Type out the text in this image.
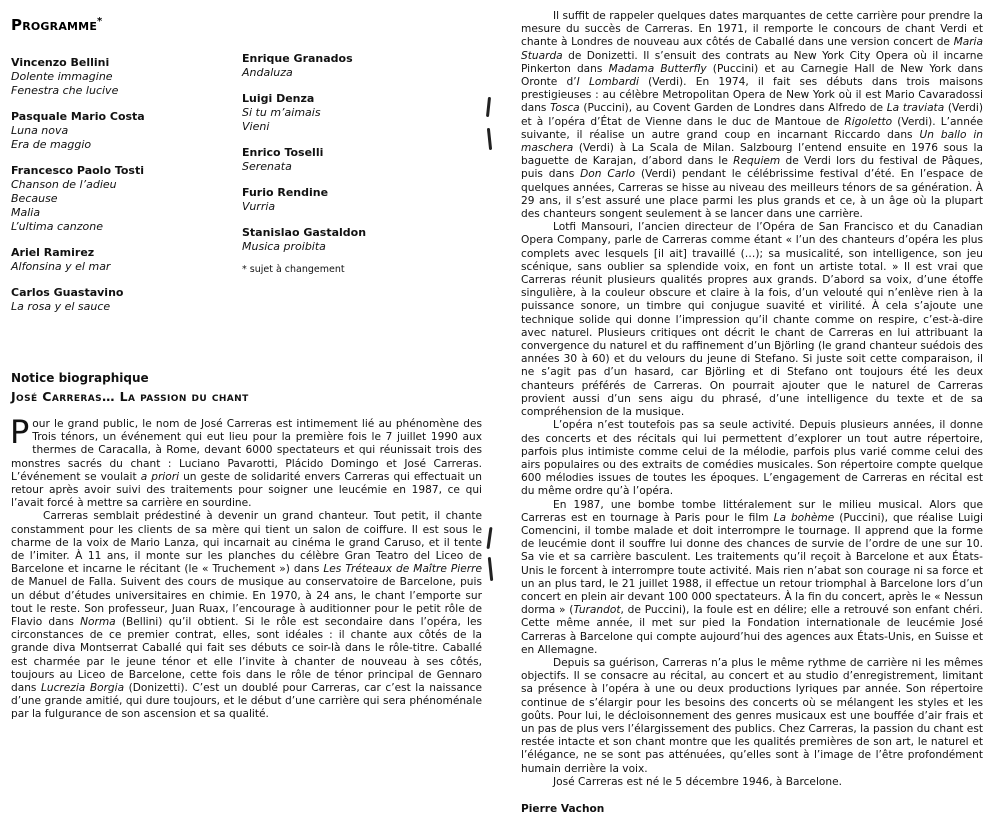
Programme*
Vincenzo Bellini
Dolente immagine
Fenestra che lucive
Pasquale Mario Costa
Luna nova
Era de maggio
Francesco Paolo Tosti
Chanson de l’adieu
Because
Malia
L’ultima canzone
Ariel Ramirez
Alfonsina y el mar
Carlos Guastavino
La rosa y el sauce
Enrique Granados
Andaluza
Luigi Denza
Si tu m’aimais
Vieni
Enrico Toselli
Serenata
Furio Rendine
Vurria
Stanislao Gastaldon
Musica proibita
* sujet à changement
Notice biographique
José Carreras… La passion du chant

Pour le grand public, le nom de José Carreras est intimement lié au phénomène des Trois ténors, un événement qui eut lieu pour la première fois le 7 juillet 1990 aux thermes de Caracalla, à Rome, devant 6000 spectateurs et qui réunissait trois des monstres sacrés du chant : Luciano Pavarotti, Plácido Domingo et José Carreras. L’événement se voulait a priori un geste de solidarité envers Carreras qui effectuait un retour après avoir suivi des traitements pour soigner une leucémie en 1987, ce qui l’avait forcé à mettre sa carrière en sourdine.

Carreras semblait prédestiné à devenir un grand chanteur. Tout petit, il chante constamment pour les clients de sa mère qui tient un salon de coiffure. Il est sous le charme de la voix de Mario Lanza, qui incarnait au cinéma le grand Caruso, et il tente de l’imiter. À 11 ans, il monte sur les planches du célèbre Gran Teatro del Liceo de Barcelone et incarne le récitant (le « Truchement ») dans Les Tréteaux de Maître Pierre de Manuel de Falla. Suivent des cours de musique au conservatoire de Barcelone, puis un début d’études universitaires en chimie. En 1970, à 24 ans, le chant l’emporte sur tout le reste. Son professeur, Juan Ruax, l’encourage à auditionner pour le petit rôle de Flavio dans Norma (Bellini) qu’il obtient. Si le rôle est secondaire dans l’opéra, les circonstances de ce premier contrat, elles, sont idéales : il chante aux côtés de la grande diva Montserrat Caballé qui fait ses débuts ce soir-là dans le rôle-titre. Caballé est charmée par le jeune ténor et elle l’invite à chanter de nouveau à ses côtés, toujours au Liceo de Barcelone, cette fois dans le rôle de ténor principal de Gennaro dans Lucrezia Borgia (Donizetti). C’est un doublé pour Carreras, car c’est la naissance d’une grande amitié, qui dure toujours, et le début d’une carrière qui sera phénoménale par la fulgurance de son ascension et sa qualité.

Il suffit de rappeler quelques dates marquantes de cette carrière pour prendre la mesure du succès de Carreras. En 1971, il remporte le concours de chant Verdi et chante à Londres de nouveau aux côtés de Caballé dans une version concert de Maria Stuarda de Donizetti. Il s’ensuit des contrats au New York City Opera où il incarne Pinkerton dans Madama Butterfly (Puccini) et au Carnegie Hall de New York dans Oronte d’I Lombardi (Verdi). En 1974, il fait ses débuts dans trois maisons prestigieuses : au célèbre Metropolitan Opera de New York où il est Mario Cavaradossi dans Tosca (Puccini), au Covent Garden de Londres dans Alfredo de La traviata (Verdi) et à l’opéra d’État de Vienne dans le duc de Mantoue de Rigoletto (Verdi). L’année suivante, il réalise un autre grand coup en incarnant Riccardo dans Un ballo in maschera (Verdi) à La Scala de Milan. Salzbourg l’entend ensuite en 1976 sous la baguette de Karajan, d’abord dans le Requiem de Verdi lors du festival de Pâques, puis dans Don Carlo (Verdi) pendant le célébrissime festival d’été. En l’espace de quelques années, Carreras se hisse au niveau des meilleurs ténors de sa génération. À 29 ans, il s’est assuré une place parmi les plus grands et ce, à un âge où la plupart des chanteurs songent seulement à se lancer dans une carrière.

Lotfi Mansouri, l’ancien directeur de l’Opéra de San Francisco et du Canadian Opera Company, parle de Carreras comme étant « l’un des chanteurs d’opéra les plus complets avec lesquels [il ait] travaillé (…); sa musicalité, son intelligence, son jeu scénique, sans oublier sa splendide voix, en font un artiste total. » Il est vrai que Carreras réunit plusieurs qualités propres aux grands. D’abord sa voix, d’une étoffe singulière, à la couleur obscure et claire à la fois, d’un velouté qui n’enlève rien à la puissance sonore, un timbre qui conjugue suavité et virilité. À cela s’ajoute une technique solide qui donne l’impression qu’il chante comme on respire, c’est-à-dire avec naturel. Plusieurs critiques ont décrit le chant de Carreras en lui attribuant la convergence du naturel et du raffinement d’un Björling (le grand chanteur suédois des années 30 à 60) et du velours du jeune di Stefano. Si juste soit cette comparaison, il ne s’agit pas d’un hasard, car Björling et di Stefano ont toujours été les deux chanteurs préférés de Carreras. On pourrait ajouter que le naturel de Carreras provient aussi d’un sens aigu du phrasé, d’une intelligence du texte et de sa compréhension de la musique.

L’opéra n’est toutefois pas sa seule activité. Depuis plusieurs années, il donne des concerts et des récitals qui lui permettent d’explorer un tout autre répertoire, parfois plus intimiste comme celui de la mélodie, parfois plus varié comme celui des airs populaires ou des extraits de comédies musicales. Son répertoire compte quelque 600 mélodies issues de toutes les époques. L’engagement de Carreras en récital est du même ordre qu’à l’opéra.

En 1987, une bombe tombe littéralement sur le milieu musical. Alors que Carreras est en tournage à Paris pour le film La bohème (Puccini), que réalise Luigi Comencini, il tombe malade et doit interrompre le tournage. Il apprend que la forme de leucémie dont il souffre lui donne des chances de survie de l’ordre de une sur 10. Sa vie et sa carrière basculent. Les traitements qu’il reçoit à Barcelone et aux États-Unis le forcent à interrompre toute activité. Mais rien n’abat son courage ni sa force et un an plus tard, le 21 juillet 1988, il effectue un retour triomphal à Barcelone lors d’un concert en plein air devant 100 000 spectateurs. À la fin du concert, après le « Nessun dorma » (Turandot, de Puccini), la foule est en délire; elle a retrouvé son enfant chéri. Cette même année, il met sur pied la Fondation internationale de leucémie José Carreras à Barcelone qui compte aujourd’hui des agences aux États-Unis, en Suisse et en Allemagne.

Depuis sa guérison, Carreras n’a plus le même rythme de carrière ni les mêmes objectifs. Il se consacre au récital, au concert et au studio d’enregistrement, limitant sa présence à l’opéra à une ou deux productions lyriques par année. Son répertoire continue de s’élargir pour les besoins des concerts où se mélangent les styles et les goûts. Pour lui, le décloisonnement des genres musicaux est une bouffée d’air frais et un pas de plus vers l’élargissement des publics. Chez Carreras, la passion du chant est restée intacte et son chant montre que les qualités premières de son art, le naturel et l’élégance, ne se sont pas atténuées, qu’elles sont à l’image de l’être profondément humain derrière la voix.

José Carreras est né le 5 décembre 1946, à Barcelone.

Pierre Vachon
